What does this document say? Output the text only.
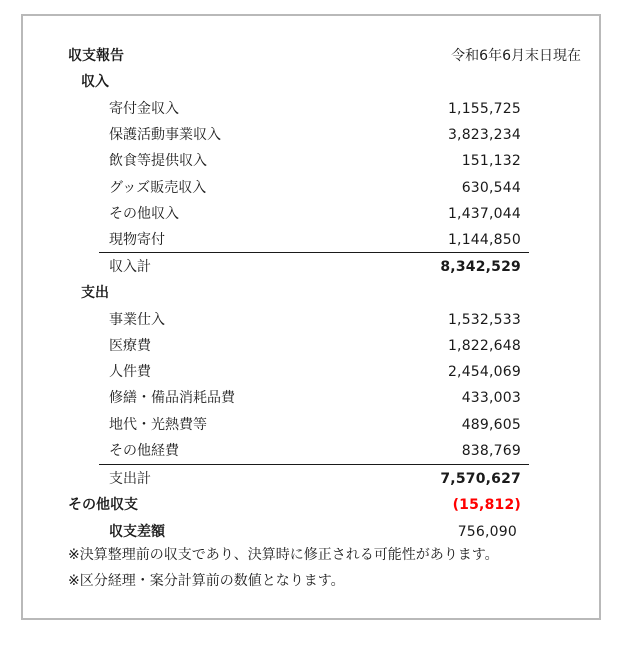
収支報告	令和6年6月末日現在
収入
寄付金収入	1,155,725
保護活動事業収入	3,823,234
飲食等提供収入	151,132
グッズ販売収入	630,544
その他収入	1,437,044
現物寄付	1,144,850
収入計	8,342,529
支出
事業仕入	1,532,533
医療費	1,822,648
人件費	2,454,069
修繕・備品消耗品費	433,003
地代・光熱費等	489,605
その他経費	838,769
支出計	7,570,627
その他収支	(15,812)
収支差額	756,090
※決算整理前の収支であり、決算時に修正される可能性があります。
※区分経理・案分計算前の数値となります。
